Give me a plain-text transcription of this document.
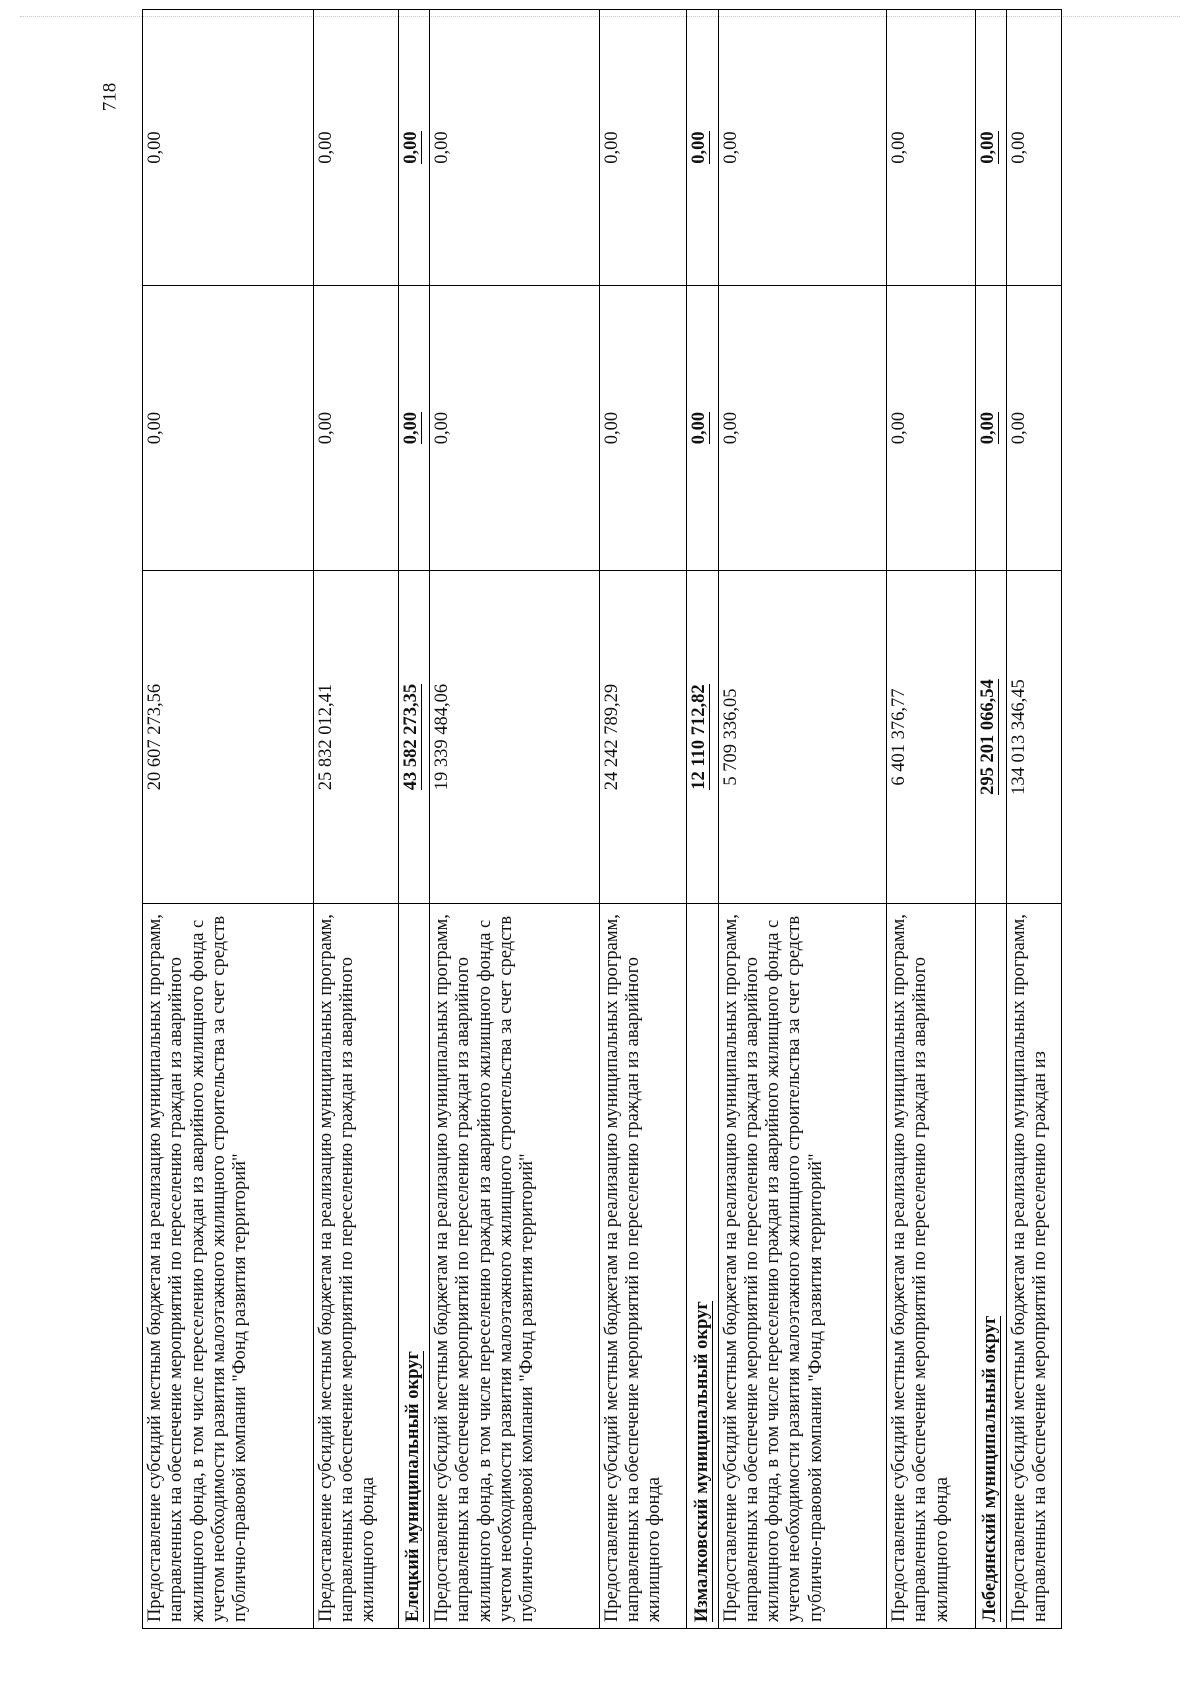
718
Предоставление субсидий местным бюджетам на реализацию муниципальных программ, направленных на обеспечение мероприятий по переселению граждан из аварийного жилищного фонда, в том числе переселению граждан из аварийного жилищного фонда с учетом необходимости развития малоэтажного жилищного строительства за счет средств публично-правовой компании "Фонд развития территорий"	20 607 273,56	0,00	0,00
Предоставление субсидий местным бюджетам на реализацию муниципальных программ, направленных на обеспечение мероприятий по переселению граждан из аварийного жилищного фонда	25 832 012,41	0,00	0,00
Елецкий муниципальный округ	43 582 273,35	0,00	0,00
Предоставление субсидий местным бюджетам на реализацию муниципальных программ, направленных на обеспечение мероприятий по переселению граждан из аварийного жилищного фонда, в том числе переселению граждан из аварийного жилищного фонда с учетом необходимости развития малоэтажного жилищного строительства за счет средств публично-правовой компании "Фонд развития территорий"	19 339 484,06	0,00	0,00
Предоставление субсидий местным бюджетам на реализацию муниципальных программ, направленных на обеспечение мероприятий по переселению граждан из аварийного жилищного фонда	24 242 789,29	0,00	0,00
Измалковский муниципальный округ	12 110 712,82	0,00	0,00
Предоставление субсидий местным бюджетам на реализацию муниципальных программ, направленных на обеспечение мероприятий по переселению граждан из аварийного жилищного фонда, в том числе переселению граждан из аварийного жилищного фонда с учетом необходимости развития малоэтажного жилищного строительства за счет средств публично-правовой компании "Фонд развития территорий"	5 709 336,05	0,00	0,00
Предоставление субсидий местным бюджетам на реализацию муниципальных программ, направленных на обеспечение мероприятий по переселению граждан из аварийного жилищного фонда	6 401 376,77	0,00	0,00
Лебедянский муниципальный округ	295 201 066,54	0,00	0,00
Предоставление субсидий местным бюджетам на реализацию муниципальных программ, направленных на обеспечение мероприятий по переселению граждан из	134 013 346,45	0,00	0,00
